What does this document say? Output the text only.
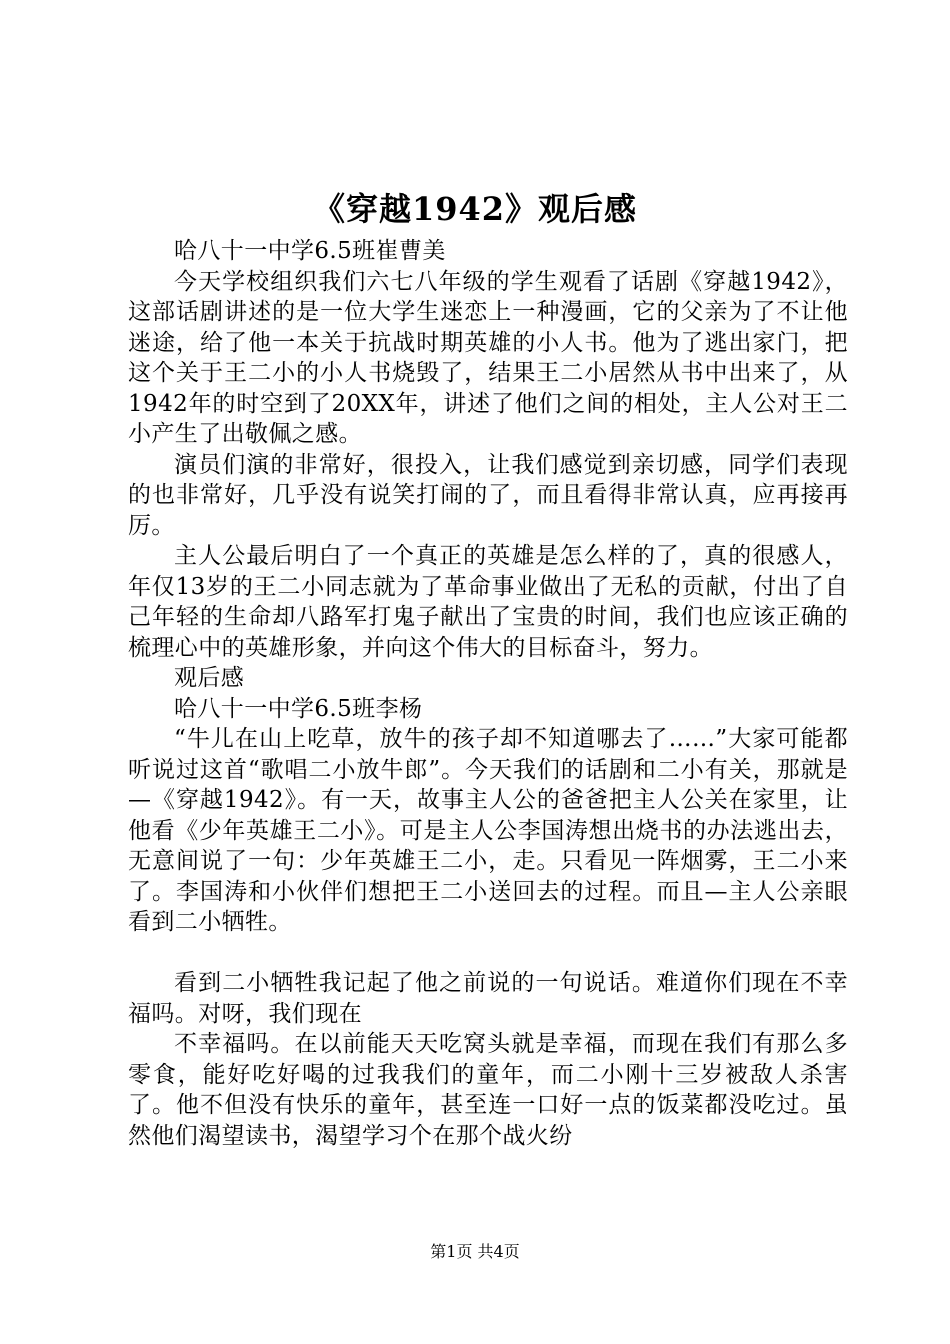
《穿越1942》观后感

哈八十一中学6.5班崔曹美

今天学校组织我们六七八年级的学生观看了话剧《穿越1942》，这部话剧讲述的是一位大学生迷恋上一种漫画，它的父亲为了不让他迷途，给了他一本关于抗战时期英雄的小人书。他为了逃出家门，把这个关于王二小的小人书烧毁了，结果王二小居然从书中出来了，从1942年的时空到了20XX年，讲述了他们之间的相处，主人公对王二小产生了出敬佩之感。

演员们演的非常好，很投入，让我们感觉到亲切感，同学们表现的也非常好，几乎没有说笑打闹的了，而且看得非常认真，应再接再厉。

主人公最后明白了一个真正的英雄是怎么样的了，真的很感人，年仅13岁的王二小同志就为了革命事业做出了无私的贡献，付出了自己年轻的生命却八路军打鬼子献出了宝贵的时间，我们也应该正确的梳理心中的英雄形象，并向这个伟大的目标奋斗，努力。

观后感

哈八十一中学6.5班李杨

“牛儿在山上吃草，放牛的孩子却不知道哪去了……”大家可能都听说过这首“歌唱二小放牛郎”。今天我们的话剧和二小有关，那就是—《穿越1942》。有一天，故事主人公的爸爸把主人公关在家里，让他看《少年英雄王二小》。可是主人公李国涛想出烧书的办法逃出去，无意间说了一句：少年英雄王二小，走。只看见一阵烟雾，王二小来了。李国涛和小伙伴们想把王二小送回去的过程。而且—主人公亲眼看到二小牺牲。

看到二小牺牲我记起了他之前说的一句说话。难道你们现在不幸福吗。对呀，我们现在

不幸福吗。在以前能天天吃窝头就是幸福，而现在我们有那么多零食，能好吃好喝的过我我们的童年，而二小刚十三岁被敌人杀害了。他不但没有快乐的童年，甚至连一口好一点的饭菜都没吃过。虽然他们渴望读书，渴望学习个在那个战火纷

第1页 共4页
